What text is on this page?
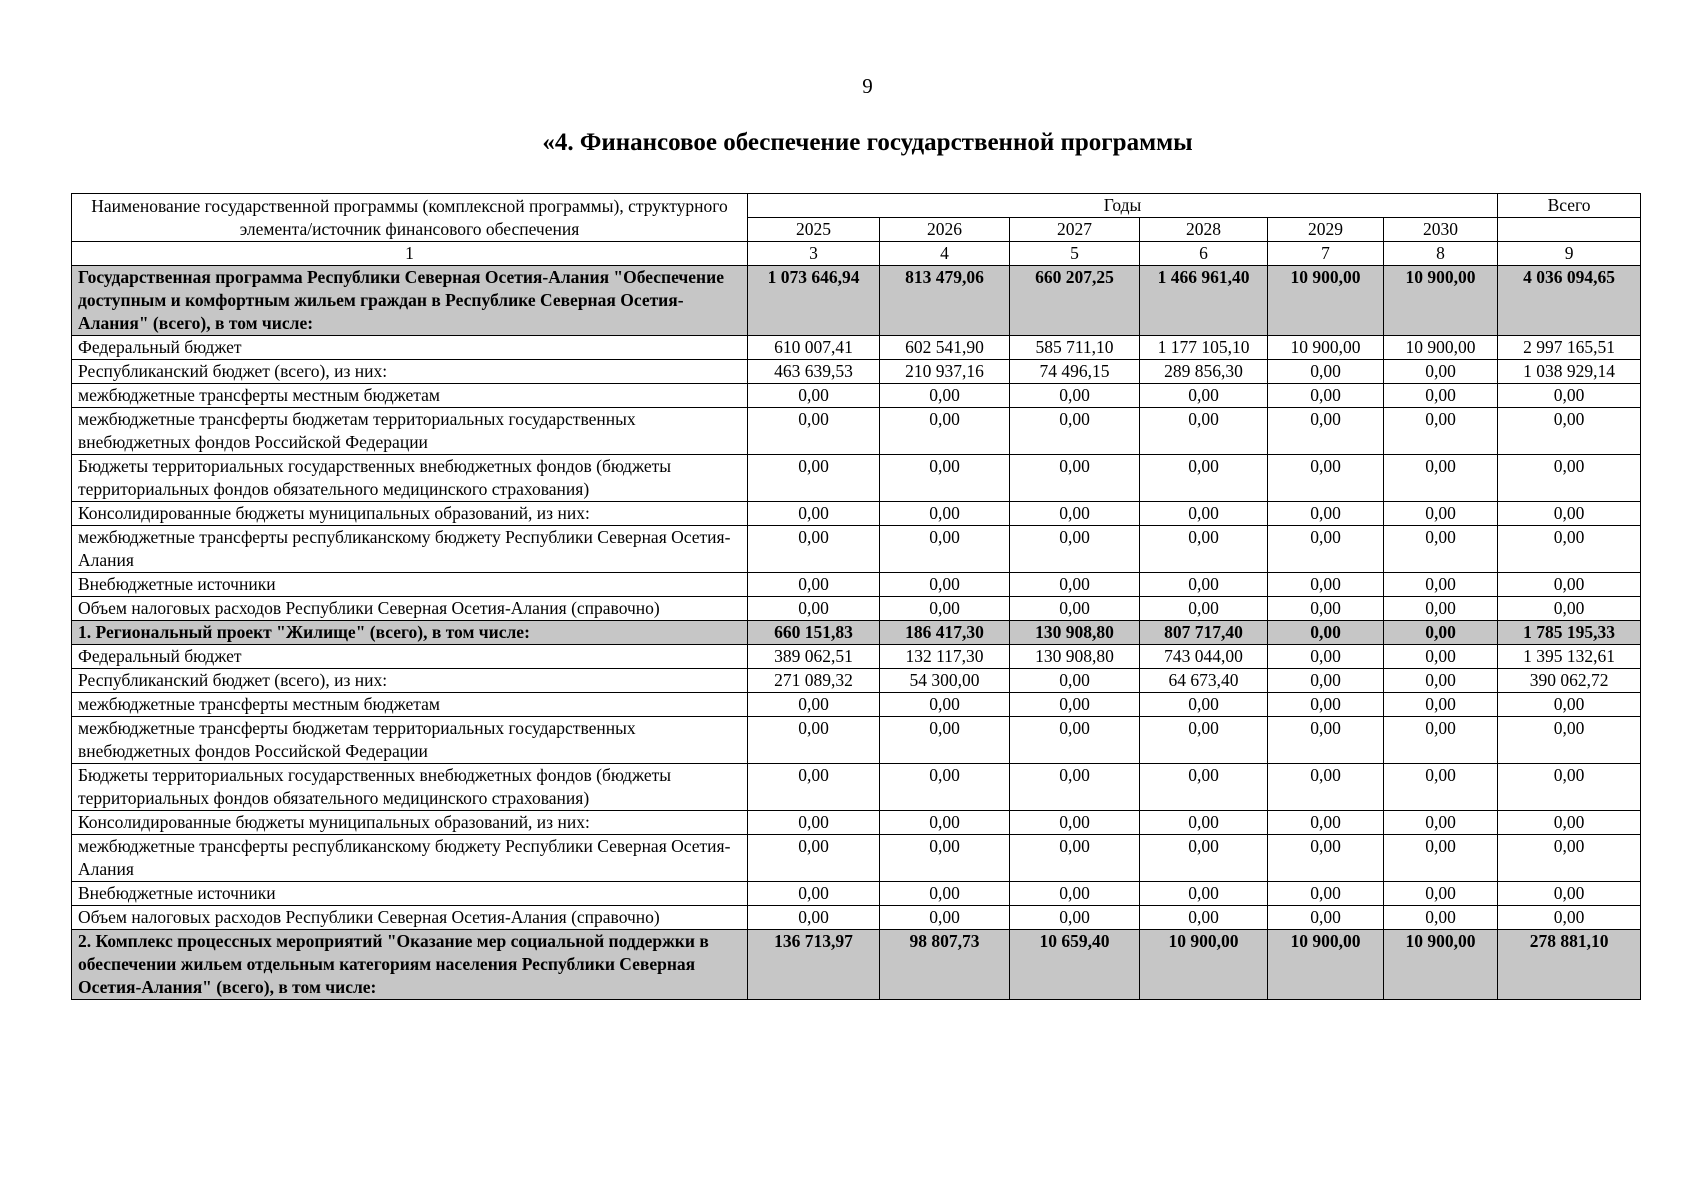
9
«4. Финансовое обеспечение государственной программы
Наименование государственной программы (комплексной программы), структурного элемента/источник финансового обеспечения	Годы						Всего
	2025	2026	2027	2028	2029	2030	
1	3	4	5	6	7	8	9
Государственная программа Республики Северная Осетия-Алания "Обеспечение доступным и комфортным жильем граждан в Республике Северная Осетия-Алания" (всего), в том числе:	1 073 646,94	813 479,06	660 207,25	1 466 961,40	10 900,00	10 900,00	4 036 094,65
Федеральный бюджет	610 007,41	602 541,90	585 711,10	1 177 105,10	10 900,00	10 900,00	2 997 165,51
Республиканский бюджет (всего), из них:	463 639,53	210 937,16	74 496,15	289 856,30	0,00	0,00	1 038 929,14
межбюджетные трансферты местным бюджетам	0,00	0,00	0,00	0,00	0,00	0,00	0,00
межбюджетные трансферты бюджетам территориальных государственных внебюджетных фондов Российской Федерации	0,00	0,00	0,00	0,00	0,00	0,00	0,00
Бюджеты территориальных государственных внебюджетных фондов (бюджеты территориальных фондов обязательного медицинского страхования)	0,00	0,00	0,00	0,00	0,00	0,00	0,00
Консолидированные бюджеты муниципальных образований, из них:	0,00	0,00	0,00	0,00	0,00	0,00	0,00
межбюджетные трансферты республиканскому бюджету Республики Северная Осетия-Алания	0,00	0,00	0,00	0,00	0,00	0,00	0,00
Внебюджетные источники	0,00	0,00	0,00	0,00	0,00	0,00	0,00
Объем налоговых расходов Республики Северная Осетия-Алания (справочно)	0,00	0,00	0,00	0,00	0,00	0,00	0,00
1. Региональный проект "Жилище" (всего), в том числе:	660 151,83	186 417,30	130 908,80	807 717,40	0,00	0,00	1 785 195,33
Федеральный бюджет	389 062,51	132 117,30	130 908,80	743 044,00	0,00	0,00	1 395 132,61
Республиканский бюджет (всего), из них:	271 089,32	54 300,00	0,00	64 673,40	0,00	0,00	390 062,72
межбюджетные трансферты местным бюджетам	0,00	0,00	0,00	0,00	0,00	0,00	0,00
межбюджетные трансферты бюджетам территориальных государственных внебюджетных фондов Российской Федерации	0,00	0,00	0,00	0,00	0,00	0,00	0,00
Бюджеты территориальных государственных внебюджетных фондов (бюджеты территориальных фондов обязательного медицинского страхования)	0,00	0,00	0,00	0,00	0,00	0,00	0,00
Консолидированные бюджеты муниципальных образований, из них:	0,00	0,00	0,00	0,00	0,00	0,00	0,00
межбюджетные трансферты республиканскому бюджету Республики Северная Осетия-Алания	0,00	0,00	0,00	0,00	0,00	0,00	0,00
Внебюджетные источники	0,00	0,00	0,00	0,00	0,00	0,00	0,00
Объем налоговых расходов Республики Северная Осетия-Алания (справочно)	0,00	0,00	0,00	0,00	0,00	0,00	0,00
2. Комплекс процессных мероприятий "Оказание мер социальной поддержки в обеспечении жильем отдельным категориям населения Республики Северная Осетия-Алания" (всего), в том числе:	136 713,97	98 807,73	10 659,40	10 900,00	10 900,00	10 900,00	278 881,10
